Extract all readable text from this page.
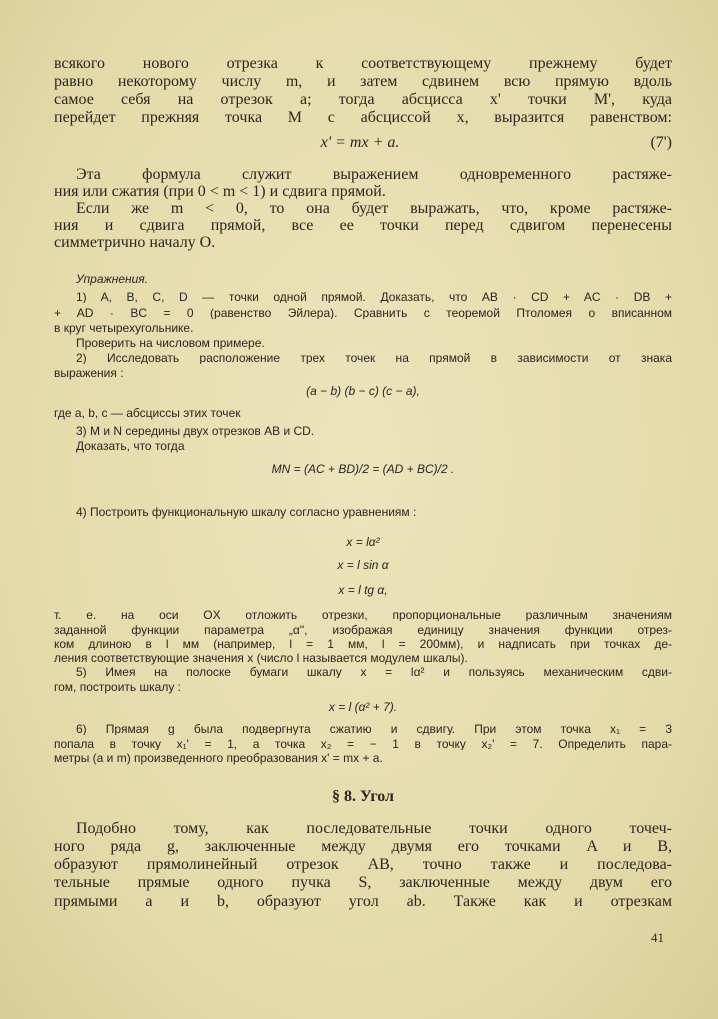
всякого нового отрезка к соответствующему прежнему будет
равно некоторому числу m, и затем сдвинем всю прямую вдоль
самое себя на отрезок a; тогда абсцисса x' точки M', куда
перейдет прежняя точка M с абсциссой x, выразится равенством:
x' = mx + a.	(7')
Эта формула служит выражением одновременного растяже-
ния или сжатия (при 0 < m < 1) и сдвига прямой.
Если же m < 0, то она будет выражать, что, кроме растяже-
ния и сдвига прямой, все ее точки перед сдвигом перенесены
симметрично началу O.
Упражнения.
1) A, B, C, D — точки одной прямой. Доказать, что AB · CD + AC · DB +
+ AD · BC = 0 (равенство Эйлера). Сравнить с теоремой Птоломея о вписанном
в круг четырехугольнике.
Проверить на числовом примере.
2) Исследовать расположение трех точек на прямой в зависимости от знака
выражения :
(a − b) (b − c) (c − a),
где a, b, c — абсциссы этих точек
3) M и N середины двух отрезков AB и CD.
Доказать, что тогда
MN = (AC + BD)/2 = (AD + BC)/2 .
4) Построить функциональную шкалу согласно уравнениям :
x = lα²
x = l sin α
x = l tg α,
т. е. на оси OX отложить отрезки, пропорциональные различным значениям
заданной функции параметра „α", изображая единицу значения функции отрез-
ком длиною в l мм (например, l = 1 мм, l = 200мм), и надписать при точках де-
ления соответствующие значения x (число l называется модулем шкалы).
5) Имея на полоске бумаги шкалу x = lα² и пользуясь механическим сдви-
гом, построить шкалу :
x = l (α² + 7).
6) Прямая g была подвергнута сжатию и сдвигу. При этом точка x₁ = 3
попала в точку x₁' = 1, а точка x₂ = − 1 в точку x₂' = 7. Определить пара-
метры (a и m) произведенного преобразования x' = mx + a.
§ 8. Угол
Подобно тому, как последовательные точки одного точеч-
ного ряда g, заключенные между двумя его точками A и B,
образуют прямолинейный отрезок AB, точно также и последова-
тельные прямые одного пучка S, заключенные между двум его
прямыми a и b, образуют угол ab. Также как и отрезкам
41
